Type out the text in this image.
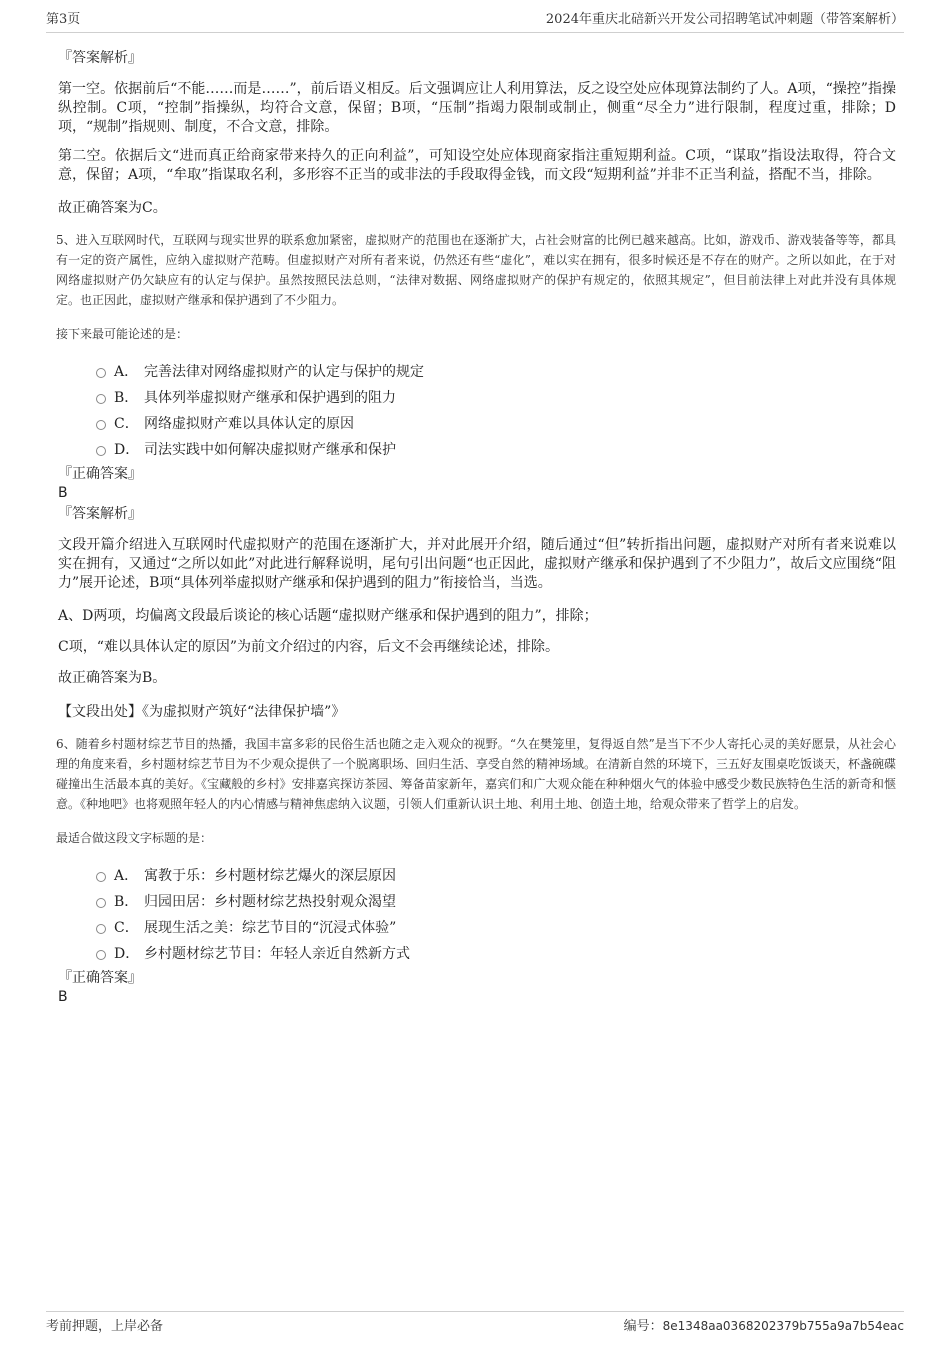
第3页	2024年重庆北碚新兴开发公司招聘笔试冲刺题（带答案解析）

『答案解析』

第一空。依据前后“不能……而是……”，前后语义相反。后文强调应让人利用算法，反之设空处应体现算法制约了人。A项，“操控”指操纵控制。C项，“控制”指操纵，均符合文意，保留；B项，“压制”指竭力限制或制止，侧重“尽全力”进行限制，程度过重，排除；D项，“规制”指规则、制度，不合文意，排除。

第二空。依据后文“进而真正给商家带来持久的正向利益”，可知设空处应体现商家指注重短期利益。C项，“谋取”指设法取得，符合文意，保留；A项，“牟取”指谋取名利，多形容不正当的或非法的手段取得金钱，而文段“短期利益”并非不正当利益，搭配不当，排除。

故正确答案为C。

5、进入互联网时代，互联网与现实世界的联系愈加紧密，虚拟财产的范围也在逐渐扩大，占社会财富的比例已越来越高。比如，游戏币、游戏装备等等，都具有一定的资产属性，应纳入虚拟财产范畴。但虚拟财产对所有者来说，仍然还有些“虚化”，难以实在拥有，很多时候还是不存在的财产。之所以如此，在于对网络虚拟财产仍欠缺应有的认定与保护。虽然按照民法总则，“法律对数据、网络虚拟财产的保护有规定的，依照其规定”，但目前法律上对此并没有具体规定。也正因此，虚拟财产继承和保护遇到了不少阻力。

接下来最可能论述的是：

A． 完善法律对网络虚拟财产的认定与保护的规定
B． 具体列举虚拟财产继承和保护遇到的阻力
C． 网络虚拟财产难以具体认定的原因
D． 司法实践中如何解决虚拟财产继承和保护

『正确答案』

B

『答案解析』

文段开篇介绍进入互联网时代虚拟财产的范围在逐渐扩大，并对此展开介绍，随后通过“但”转折指出问题，虚拟财产对所有者来说难以实在拥有，又通过“之所以如此”对此进行解释说明，尾句引出问题“也正因此，虚拟财产继承和保护遇到了不少阻力”，故后文应围绕“阻力”展开论述，B项“具体列举虚拟财产继承和保护遇到的阻力”衔接恰当，当选。

A、D两项，均偏离文段最后谈论的核心话题“虚拟财产继承和保护遇到的阻力”，排除；

C项，“难以具体认定的原因”为前文介绍过的内容，后文不会再继续论述，排除。

故正确答案为B。

【文段出处】《为虚拟财产筑好“法律保护墙”》

6、随着乡村题材综艺节目的热播，我国丰富多彩的民俗生活也随之走入观众的视野。“久在樊笼里，复得返自然”是当下不少人寄托心灵的美好愿景，从社会心理的角度来看，乡村题材综艺节目为不少观众提供了一个脱离职场、回归生活、享受自然的精神场域。在清新自然的环境下，三五好友围桌吃饭谈天，杯盏碗碟碰撞出生活最本真的美好。《宝藏般的乡村》安排嘉宾探访茶园、筹备苗家新年，嘉宾们和广大观众能在种种烟火气的体验中感受少数民族特色生活的新奇和惬意。《种地吧》也将观照年轻人的内心情感与精神焦虑纳入议题，引领人们重新认识土地、利用土地、创造土地，给观众带来了哲学上的启发。

最适合做这段文字标题的是：

A． 寓教于乐：乡村题材综艺爆火的深层原因
B． 归园田居：乡村题材综艺热投射观众渴望
C． 展现生活之美：综艺节目的“沉浸式体验”
D． 乡村题材综艺节目：年轻人亲近自然新方式

『正确答案』

B

考前押题，上岸必备	编号：8e1348aa0368202379b755a9a7b54eac
